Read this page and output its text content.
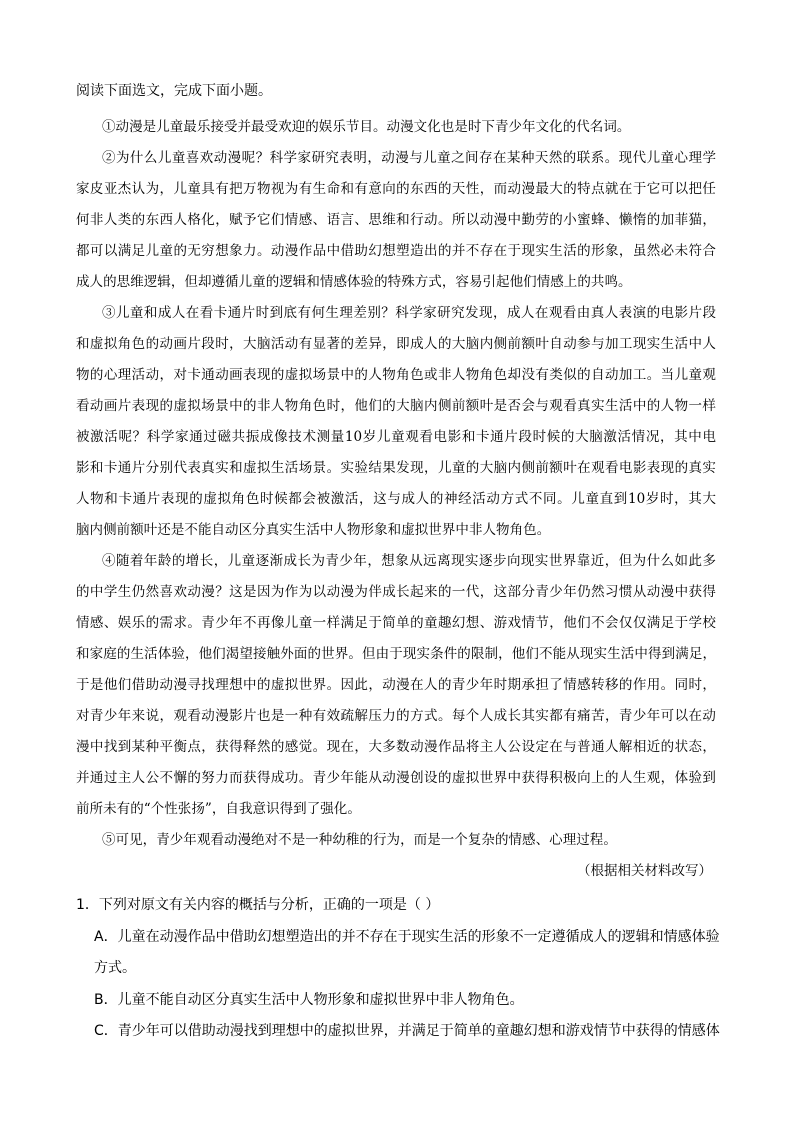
阅读下面选文，完成下面小题。
①动漫是儿童最乐接受并最受欢迎的娱乐节目。动漫文化也是时下青少年文化的代名词。
②为什么儿童喜欢动漫呢？科学家研究表明，动漫与儿童之间存在某种天然的联系。现代儿童心理学
家皮亚杰认为，儿童具有把万物视为有生命和有意向的东西的天性，而动漫最大的特点就在于它可以把任
何非人类的东西人格化，赋予它们情感、语言、思维和行动。所以动漫中勤劳的小蜜蜂、懒惰的加菲猫，
都可以满足儿童的无穷想象力。动漫作品中借助幻想塑造出的并不存在于现实生活的形象，虽然必未符合
成人的思维逻辑，但却遵循儿童的逻辑和情感体验的特殊方式，容易引起他们情感上的共鸣。
③儿童和成人在看卡通片时到底有何生理差别？科学家研究发现，成人在观看由真人表演的电影片段
和虚拟角色的动画片段时，大脑活动有显著的差异，即成人的大脑内侧前额叶自动参与加工现实生活中人
物的心理活动，对卡通动画表现的虚拟场景中的人物角色或非人物角色却没有类似的自动加工。当儿童观
看动画片表现的虚拟场景中的非人物角色时，他们的大脑内侧前额叶是否会与观看真实生活中的人物一样
被激活呢？科学家通过磁共振成像技术测量10岁儿童观看电影和卡通片段时候的大脑激活情况，其中电
影和卡通片分别代表真实和虚拟生活场景。实验结果发现，儿童的大脑内侧前额叶在观看电影表现的真实
人物和卡通片表现的虚拟角色时候都会被激活，这与成人的神经活动方式不同。儿童直到10岁时，其大
脑内侧前额叶还是不能自动区分真实生活中人物形象和虚拟世界中非人物角色。
④随着年龄的增长，儿童逐渐成长为青少年，想象从远离现实逐步向现实世界靠近，但为什么如此多
的中学生仍然喜欢动漫？这是因为作为以动漫为伴成长起来的一代，这部分青少年仍然习惯从动漫中获得
情感、娱乐的需求。青少年不再像儿童一样满足于简单的童趣幻想、游戏情节，他们不会仅仅满足于学校
和家庭的生活体验，他们渴望接触外面的世界。但由于现实条件的限制，他们不能从现实生活中得到满足，
于是他们借助动漫寻找理想中的虚拟世界。因此，动漫在人的青少年时期承担了情感转移的作用。同时，
对青少年来说，观看动漫影片也是一种有效疏解压力的方式。每个人成长其实都有痛苦，青少年可以在动
漫中找到某种平衡点，获得释然的感觉。现在，大多数动漫作品将主人公设定在与普通人解相近的状态，
并通过主人公不懈的努力而获得成功。青少年能从动漫创设的虚拟世界中获得积极向上的人生观，体验到
前所未有的“个性张扬”，自我意识得到了强化。
⑤可见，青少年观看动漫绝对不是一种幼稚的行为，而是一个复杂的情感、心理过程。
（根据相关材料改写）
1．下列对原文有关内容的概括与分析，正确的一项是（ ）
A．儿童在动漫作品中借助幻想塑造出的并不存在于现实生活的形象不一定遵循成人的逻辑和情感体验
方式。
B．儿童不能自动区分真实生活中人物形象和虚拟世界中非人物角色。
C．青少年可以借助动漫找到理想中的虚拟世界，并满足于简单的童趣幻想和游戏情节中获得的情感体
